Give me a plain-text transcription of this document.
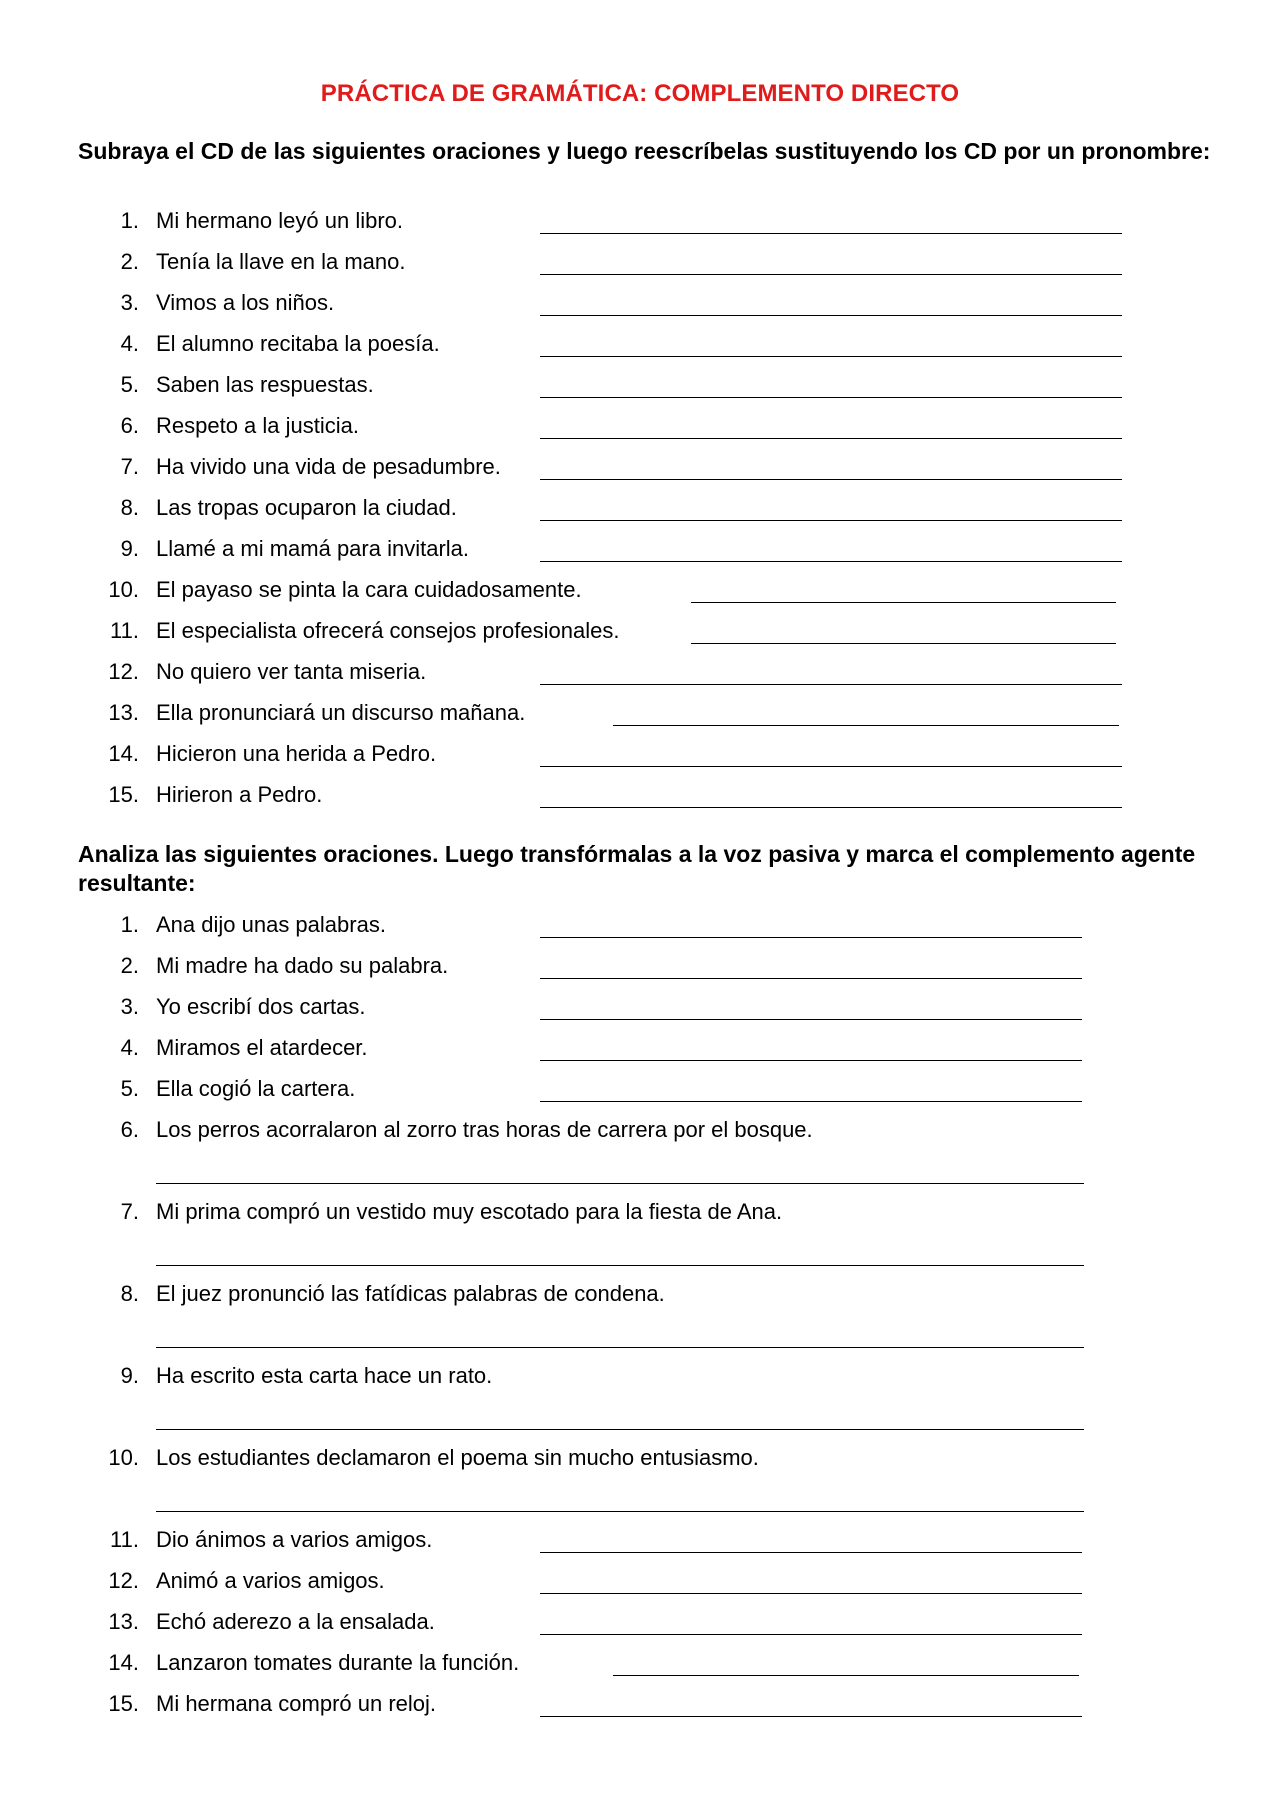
PRÁCTICA DE GRAMÁTICA: COMPLEMENTO DIRECTO

Subraya el CD de las siguientes oraciones y luego reescríbelas sustituyendo los CD por un pronombre:

1. Mi hermano leyó un libro.
2. Tenía la llave en la mano.
3. Vimos a los niños.
4. El alumno recitaba la poesía.
5. Saben las respuestas.
6. Respeto a la justicia.
7. Ha vivido una vida de pesadumbre.
8. Las tropas ocuparon la ciudad.
9. Llamé a mi mamá para invitarla.
10. El payaso se pinta la cara cuidadosamente.
11. El especialista ofrecerá consejos profesionales.
12. No quiero ver tanta miseria.
13. Ella pronunciará un discurso mañana.
14. Hicieron una herida a Pedro.
15. Hirieron a Pedro.

Analiza las siguientes oraciones. Luego transfórmalas a la voz pasiva y marca el complemento agente resultante:

1. Ana dijo unas palabras.
2. Mi madre ha dado su palabra.
3. Yo escribí dos cartas.
4. Miramos el atardecer.
5. Ella cogió la cartera.
6. Los perros acorralaron al zorro tras horas de carrera por el bosque.
7. Mi prima compró un vestido muy escotado para la fiesta de Ana.
8. El juez pronunció las fatídicas palabras de condena.
9. Ha escrito esta carta hace un rato.
10. Los estudiantes declamaron el poema sin mucho entusiasmo.
11. Dio ánimos a varios amigos.
12. Animó a varios amigos.
13. Echó aderezo a la ensalada.
14. Lanzaron tomates durante la función.
15. Mi hermana compró un reloj.
